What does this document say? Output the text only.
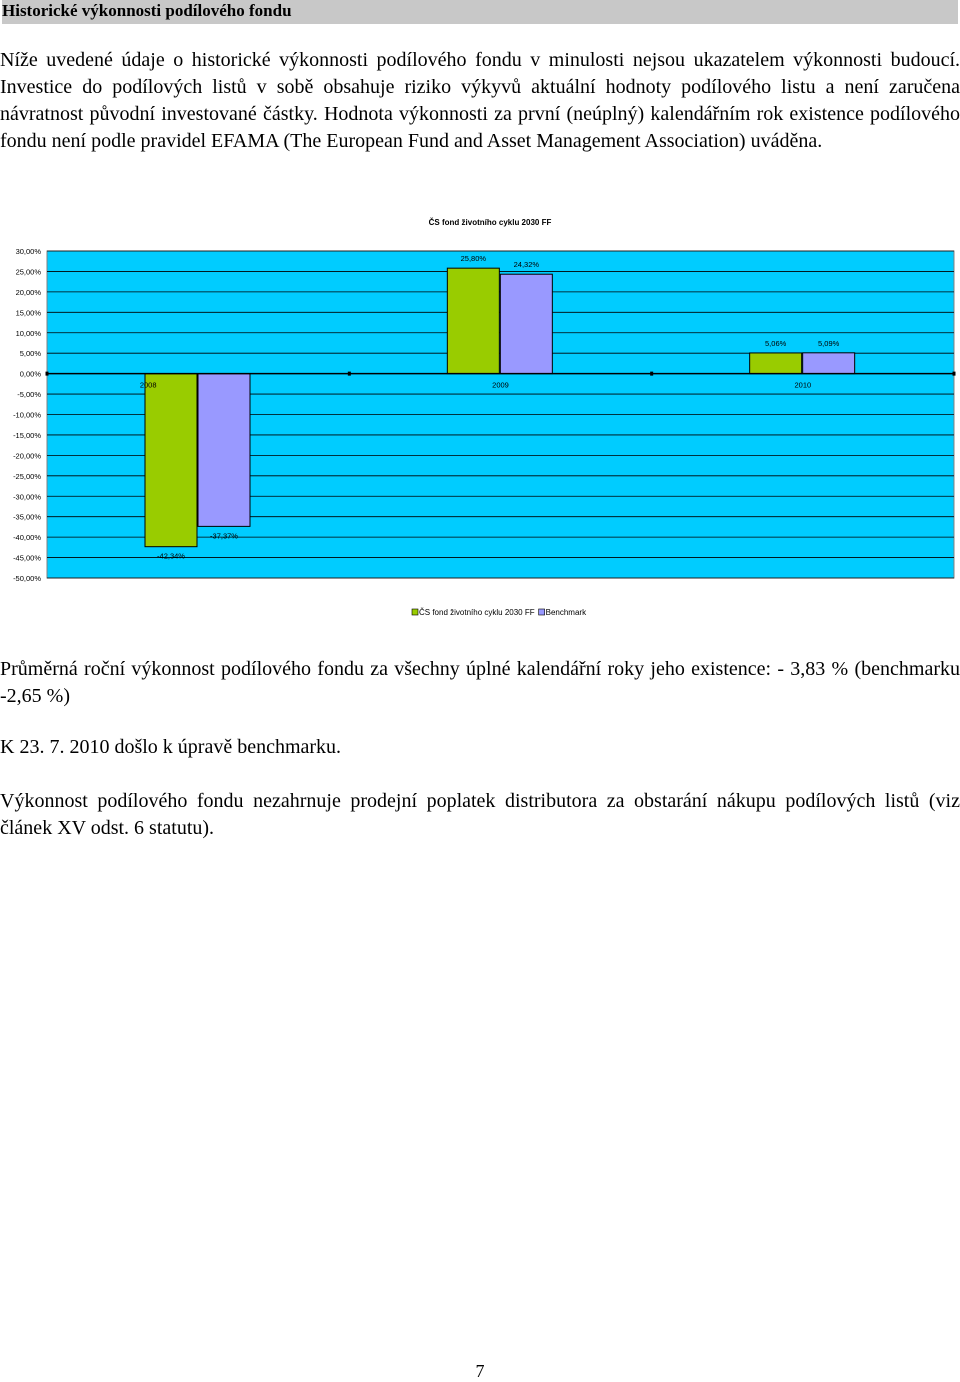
Historické výkonnosti podílového fondu
Níže uvedené údaje o historické výkonnosti podílového fondu v minulosti nejsou ukazatelem výkonnosti budoucí. Investice do podílových listů v sobě obsahuje riziko výkyvů aktuální hodnoty podílového listu a není zaručena návratnost původní investované částky. Hodnota výkonnosti za první (neúplný) kalendářním rok existence podílového fondu není podle pravidel EFAMA (The European Fund and Asset Management Association) uváděna.
ČS fond životního cyklu 2030 FF
30,00%
25,00%
20,00%
15,00%
10,00%
5,00%
0,00%
-5,00%
-10,00%
-15,00%
-20,00%
-25,00%
-30,00%
-35,00%
-40,00%
-45,00%
-50,00%
-42,34%
-37,37%
2008
25,80%
24,32%
2009
5,06%	5,09%
2010
ČS fond životního cyklu 2030 FF Benchmark
Průměrná roční výkonnost podílového fondu za všechny úplné kalendářní roky jeho existence: - 3,83 % (benchmarku -2,65 %)
K 23. 7. 2010 došlo k úpravě benchmarku.
Výkonnost podílového fondu nezahrnuje prodejní poplatek distributora za obstarání nákupu podílových listů (viz článek XV odst. 6 statutu).
7
